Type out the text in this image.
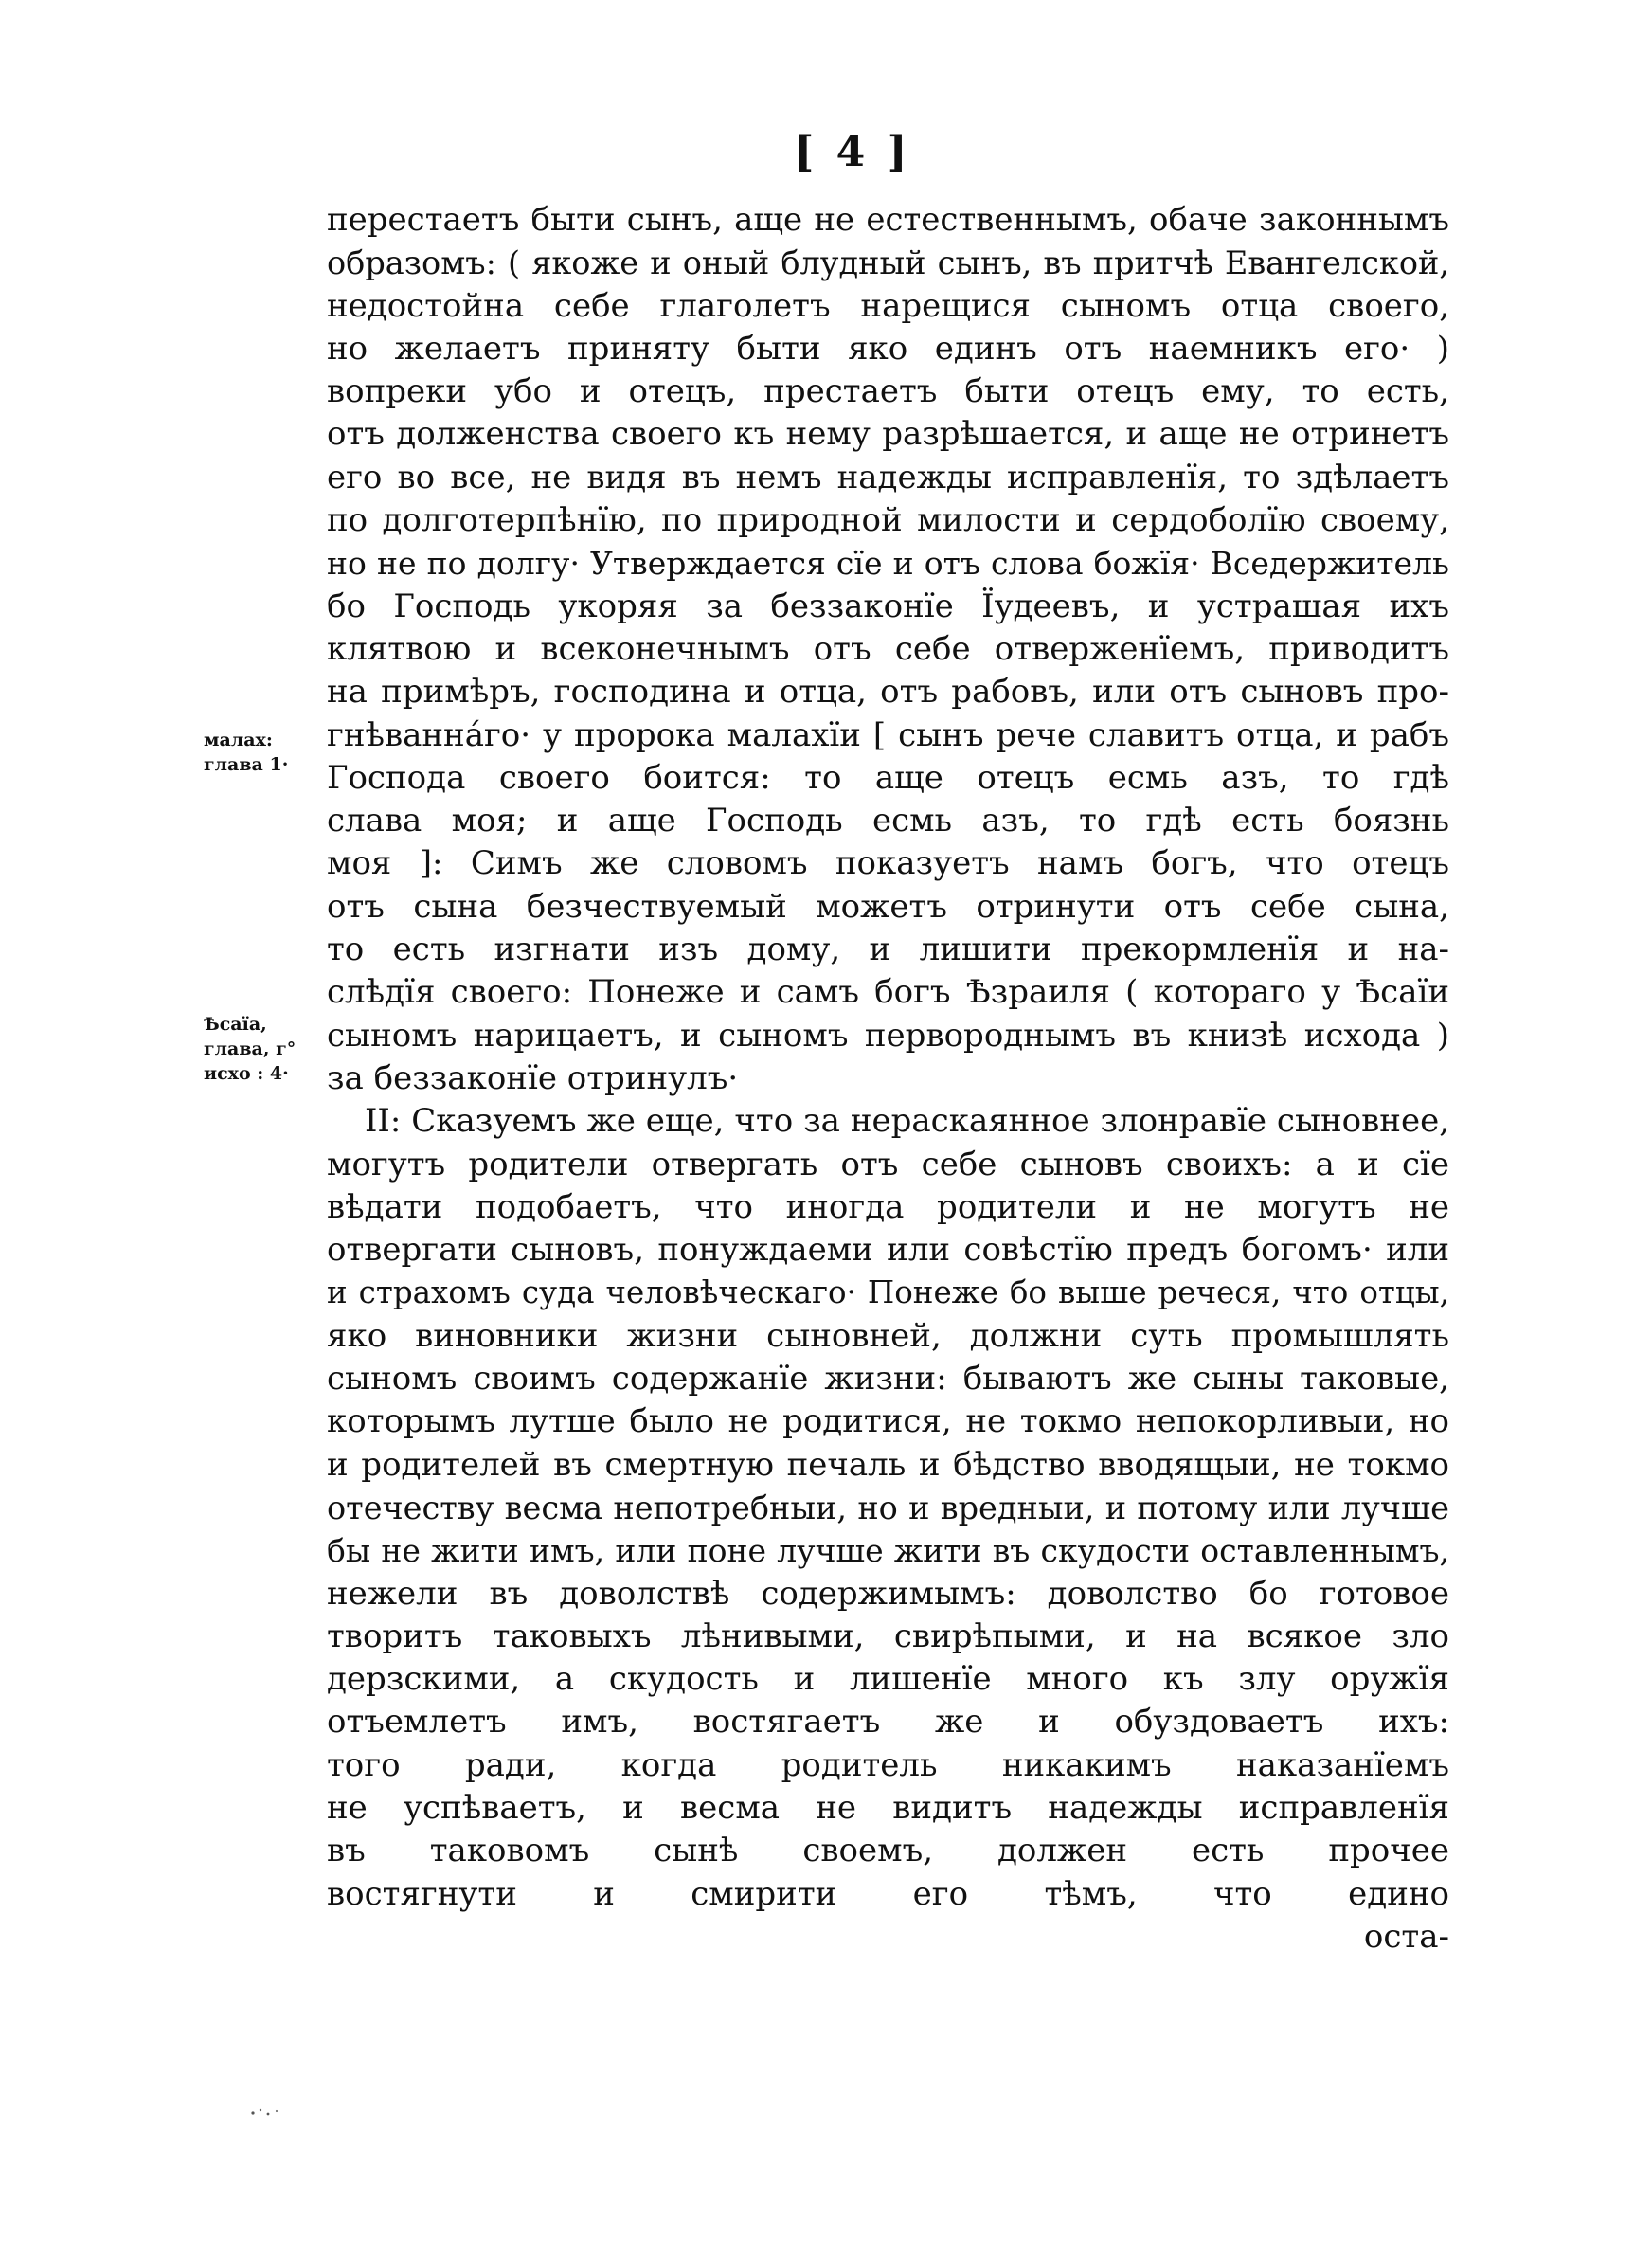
[ 4 ]
малах:
глава 1·
Ѣсаїа,
глава, г°
исхо : 4·
перестаетъ быти сынъ, аще не естественнымъ, обаче законнымъ
образомъ: ( якоже и оный блудный сынъ, въ притчѣ Евангелской,
недостойна себе глаголетъ нарещися сыномъ отца своего,
но желаетъ приняту быти яко единъ отъ наемникъ его· )
вопреки убо и отецъ, престаетъ быти отецъ ему, то есть,
отъ долженства своего къ нему разрѣшается, и аще не отринетъ
его во все, не видя въ немъ надежды исправленїя, то здѣлаетъ
по долготерпѣнїю, по природной милости и сердоболїю своему,
но не по долгу· Утверждается сїе и отъ слова божїя· Вседержитель
бо Господь укоряя за беззаконїе Їудеевъ, и устрашая ихъ
клятвою и всеконечнымъ отъ себе отверженїемъ, приводитъ
на примѣръ, господина и отца, отъ рабовъ, или отъ сыновъ про-
гнѣванна́го· у пророка малахїи [ сынъ рече славитъ отца, и рабъ
Господа своего боится: то аще отецъ есмь азъ, то гдѣ
слава моя; и аще Господь есмь азъ, то гдѣ есть боязнь
моя ]: Симъ же словомъ показуетъ намъ богъ, что отецъ
отъ сына безчествуемый можетъ отринути отъ себе сына,
то есть изгнати изъ дому, и лишити прекормленїя и на-
слѣдїя своего: Понеже и самъ богъ Ѣзраиля ( котораго у Ѣсаїи
сыномъ нарицаетъ, и сыномъ первороднымъ въ книзѣ исхода )
за беззаконїе отринулъ·
II: Сказуемъ же еще, что за нераскаянное злонравїе сыновнее,
могутъ родители отвергать отъ себе сыновъ своихъ: а и сїе
вѣдати подобаетъ, что иногда родители и не могутъ не
отвергати сыновъ, понуждаеми или совѣстїю предъ богомъ· или
и страхомъ суда человѣческаго· Понеже бо выше речеся, что отцы,
яко виновники жизни сыновней, должни суть промышлять
сыномъ своимъ содержанїе жизни: бываютъ же сыны таковые,
которымъ лутше было не родитися, не токмо непокорливыи, но
и родителей въ смертную печаль и бѣдство вводящыи, не токмо
отечеству весма непотребныи, но и вредныи, и потому или лучше
бы не жити имъ, или поне лучше жити въ скудости оставленнымъ,
нежели въ доволствѣ содержимымъ: доволство бо готовое
творитъ таковыхъ лѣнивыми, свирѣпыми, и на всякое зло
дерзскими, а скудость и лишенїе много къ злу оружїя
отъемлетъ имъ, востягаетъ же и обуздоваетъ ихъ:
того ради, когда родитель никакимъ наказанїемъ
не успѣваетъ, и весма не видитъ надежды исправленїя
въ таковомъ сынѣ своемъ, должен есть прочее
востягнути и смирити его тѣмъ, что едино
оста-
